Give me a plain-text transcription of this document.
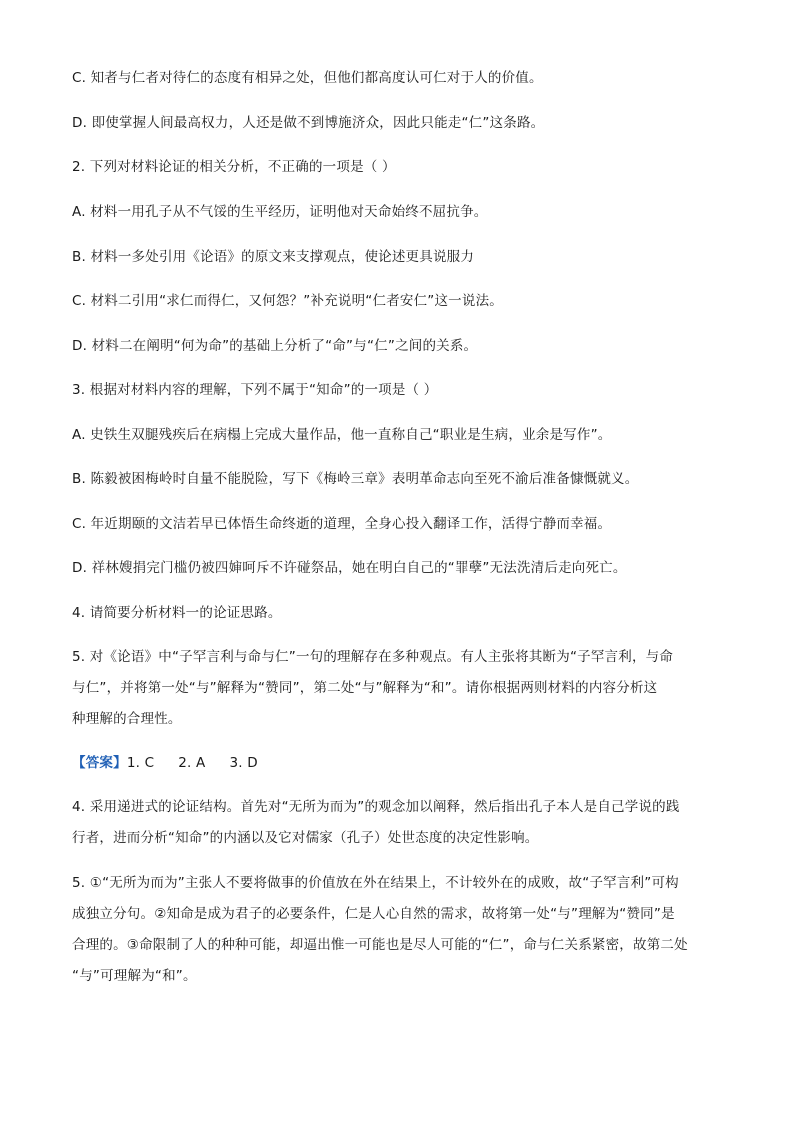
C. 知者与仁者对待仁的态度有相异之处，但他们都高度认可仁对于人的价值。
D. 即使掌握人间最高权力，人还是做不到博施济众，因此只能走“仁”这条路。
2. 下列对材料论证的相关分析，不正确的一项是（ ）
A. 材料一用孔子从不气馁的生平经历，证明他对天命始终不屈抗争。
B. 材料一多处引用《论语》的原文来支撑观点，使论述更具说服力
C. 材料二引用“求仁而得仁，又何怨？”补充说明“仁者安仁”这一说法。
D. 材料二在阐明“何为命”的基础上分析了“命”与“仁”之间的关系。
3. 根据对材料内容的理解，下列不属于“知命”的一项是（ ）
A. 史铁生双腿残疾后在病榻上完成大量作品，他一直称自己“职业是生病，业余是写作”。
B. 陈毅被困梅岭时自量不能脱险，写下《梅岭三章》表明革命志向至死不渝后准备慷慨就义。
C. 年近期颐的文洁若早已体悟生命终逝的道理，全身心投入翻译工作，活得宁静而幸福。
D. 祥林嫂捐完门槛仍被四婶呵斥不许碰祭品，她在明白自己的“罪孽”无法洗清后走向死亡。
4. 请简要分析材料一的论证思路。
5. 对《论语》中“子罕言利与命与仁”一句的理解存在多种观点。有人主张将其断为“子罕言利，与命
与仁”，并将第一处“与”解释为“赞同”，第二处“与”解释为“和”。请你根据两则材料的内容分析这
种理解的合理性。
【答案】1. C 2. A 3. D
4. 采用递进式的论证结构。首先对“无所为而为”的观念加以阐释，然后指出孔子本人是自己学说的践
行者，进而分析“知命”的内涵以及它对儒家（孔子）处世态度的决定性影响。
5. ①“无所为而为”主张人不要将做事的价值放在外在结果上，不计较外在的成败，故“子罕言利”可构
成独立分句。②知命是成为君子的必要条件，仁是人心自然的需求，故将第一处“与”理解为“赞同”是
合理的。③命限制了人的种种可能，却逼出惟一可能也是尽人可能的“仁”，命与仁关系紧密，故第二处
“与”可理解为“和”。
